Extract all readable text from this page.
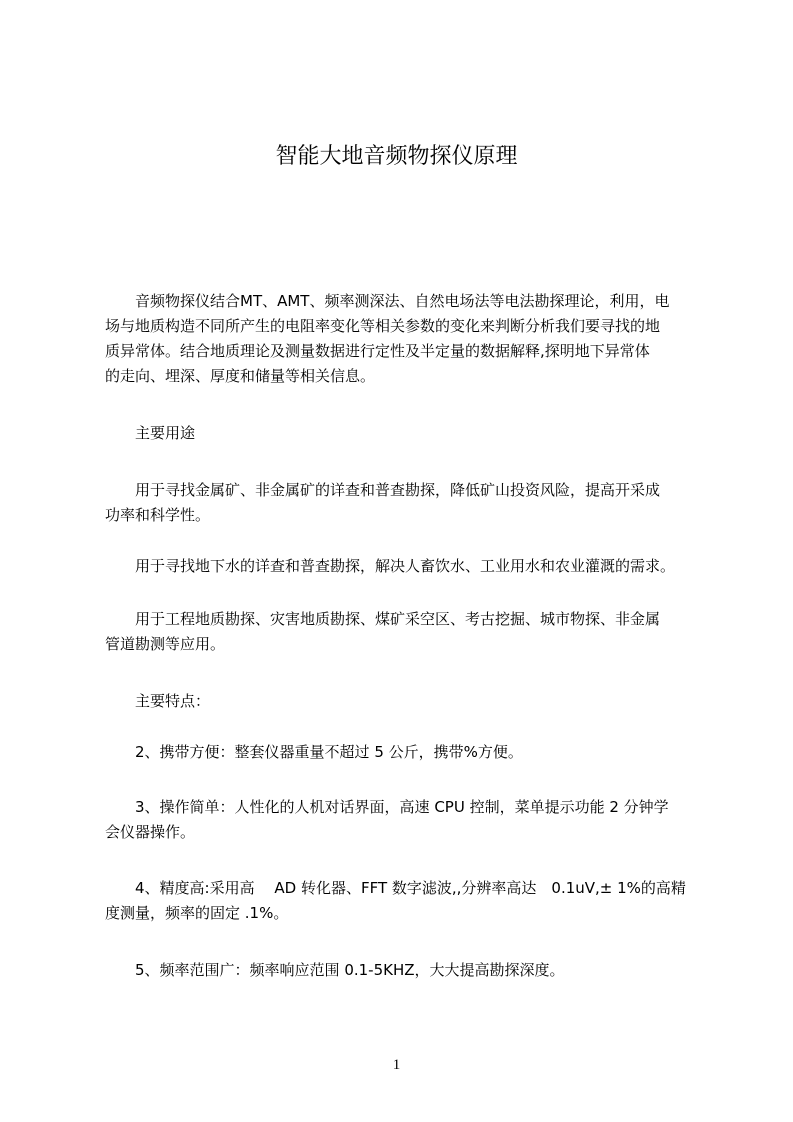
智能大地音频物探仪原理

　　音频物探仪结合MT、AMT、频率测深法、自然电场法等电法勘探理论，利用，电
场与地质构造不同所产生的电阻率变化等相关参数的变化来判断分析我们要寻找的地
质异常体。结合地质理论及测量数据进行定性及半定量的数据解释,探明地下异常体
的走向、埋深、厚度和储量等相关信息。

　　主要用途

　　用于寻找金属矿、非金属矿的详查和普查勘探，降低矿山投资风险，提高开采成
功率和科学性。

　　用于寻找地下水的详查和普查勘探，解决人畜饮水、工业用水和农业灌溉的需求。

　　用于工程地质勘探、灾害地质勘探、煤矿采空区、考古挖掘、城市物探、非金属
管道勘测等应用。

　　主要特点：

　　2、携带方便：整套仪器重量不超过 5 公斤，携带%方便。

　　3、操作简单：人性化的人机对话界面，高速 CPU 控制，菜单提示功能 2 分钟学
会仪器操作。

　　4、精度高:采用高　 AD 转化器、FFT 数字滤波,,分辨率高达　0.1uV,± 1%的高精
度测量，频率的固定 .1%。

　　5、频率范围广：频率响应范围 0.1-5KHZ，大大提高勘探深度。

1
